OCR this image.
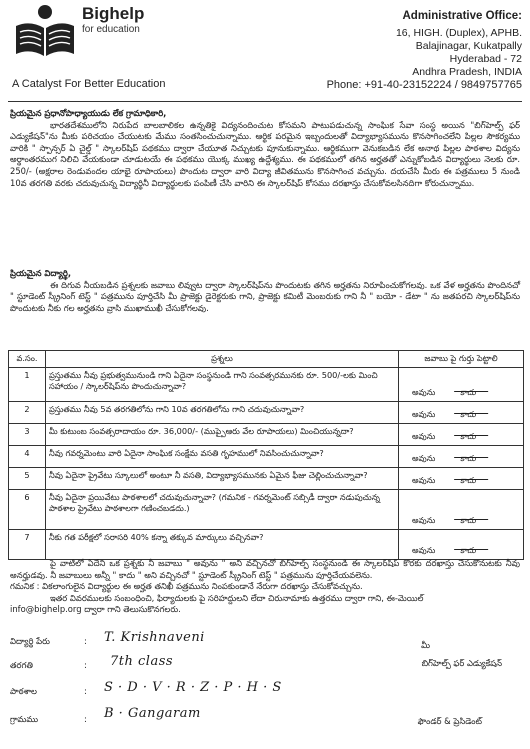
Bighelp
for education
A Catalyst For Better Education
Administrative Office:
16, HIGH. (Duplex), APHB.
Balajinagar, Kukatpally
Hyderabad - 72
Andhra Pradesh, INDIA
Phone: +91-40-23152224 / 9849757765
ప్రియమైన ప్రధానోపాధ్యాయుడు లేక గ్రామాధికారి,
భారతదేశములోని నిరుపేద బాలబాలికల ఉన్నతికై విద్యనందించుట కోసమని పాటుపడుచున్న సాంఘిక సేవా సంస్థ అయిన "బిగ్‌హెల్ప్ ఫర్ ఎడ్యుకేషన్"ను మీకు పరిచయం చేయుటకు మేము సంతసించుచున్నాము. ఆర్థిక పరమైన ఇబ్బందులతో విద్యాభ్యాసమును కొనసాగించలేని పిల్లల సౌకర్యము వారికి " స్పాన్సర్ ఏ చైల్డ్ " స్కాలర్‌షిప్ పథకము ద్వారా చేయూత నిచ్చుటకు పూనుకున్నాము. ఆర్థికముగా వెనుకబడిన లేక అనాథ పిల్లల పాఠశాల విద్యను అర్థాంతరముగ నిలిచి వేయకుండా చూడుటయే ఈ పథకము యొక్క ముఖ్య ఉద్దేశ్యము. ఈ పథకములో తగిన అర్హతతో ఎన్నుకోబడిన విద్యార్థులు నెలకు రూ. 250/- (అక్షరాల రెండువందల యాభై రూపాయలు) పొందుట ద్వారా వారి విద్యా జీవితమును కొనసాగించ వచ్చును. దయచేసి మీరు ఈ పత్రములు 5 నుండి 10వ తరగతి వరకు చదువుచున్న విద్యార్థినీ విద్యార్థులకు పంపిణీ చేసి వారిని ఈ స్కాలర్‌షిప్ కోసము దరఖాస్తు చేసుకోవలసినదిగా కోరుచున్నాము.
ప్రియమైన విద్యార్థి,
ఈ దిగువ నీయబడిన ప్రశ్నలకు జవాబు లివ్వుట ద్వారా స్కాలర్‌షిప్‌ను పొందుటకు తగిన అర్హతను నిరూపించుకోగలవు. ఒక వేళ అర్హతను పొందినచో " స్టూడెంట్ స్క్రీనింగ్ టెస్ట్ " పత్రమును పూర్తిచేసి మీ ప్రాజెక్టు డైరెక్టరుకు గాని, ప్రాజెక్టు కమిటీ మెంబరుకు గాని నీ " బయో - డేటా " ను జతపరచి స్కాలర్‌షిప్‌ను పొందుటకు నీకు గల అర్హతను వ్రాసి ముఖాముఖీ చేసుకోగలవు.
వ.సం.	ప్రశ్నలు	జవాబు పై గుర్తు పెట్టాలి
1	ప్రస్తుతము నీవు ప్రభుత్వమునుండి గాని ఏదైనా సంస్థనుండి గాని సంవత్సరమునకు రూ. 500/-లకు మించి సహాయం / స్కాలర్‌షిప్‌ను పొందుచున్నావా?	అవును కాదు

2	ప్రస్తుతము నీవు 5వ తరగతిలోను గాని 10వ తరగతిలోను గాని చదువుచున్నావా?	అవును కాదు

3	మీ కుటుంబ సంవత్సరాదాయం రూ. 36,000/- (ముప్పైఆరు వేల రూపాయలు) మించియున్నదా?	అవును కాదు

4	నీవు గవర్నమెంటు వారి ఏదైనా సాంఘిక సంక్షేమ వసతి గృహములో నివసించుచున్నావా?	అవును కాదు

5	నీవు ఏదైనా ప్రైవేటు స్కూలులో అంటూ నీ వసతి, విద్యాభ్యాసమునకు ఏమైన ఫీజు చెల్లించుచున్నావా?	అవును కాదు

6	నీవు ఏదైనా ప్రయివేటు పాఠశాలలో చదువుచున్నావా? (గమనిక - గవర్నమెంట్ సబ్సిడీ ద్వారా నడుపుచున్న పాఠశాల ప్రైవేటు పాఠశాలగా గణించబడదు.)	అవును కాదు

7	నీకు గత పరీక్షలో సరాసరి 40% కన్నా తక్కువ మార్కులు వచ్చినవా?	అవును కాదు
పై వాటిలో ఏదేని ఒక ప్రశ్నకు నీ జవాబు " అవును " అని వచ్చినచో బిగ్‌హెల్ప్ సంస్థనుండి ఈ స్కాలర్‌షిప్ కొరకు దరఖాస్తు చేసుకొనుటకు నీవు అనర్హుడవు. నీ జవాబులు అన్నీ " కాదు " అని వచ్చినచో " స్టూడెంట్ స్క్రీనింగ్ టెస్ట్ " పత్రమును పూర్తిచేయవలెను.
గమనిక : వికలాంగులైన విద్యార్థుల ఈ అర్హత తనిఖీ పత్రమును నింపకుండానే నేరుగా దరఖాస్తు చేసుకోవచ్చును.
ఇతర వివరములకు సంబంధించి, ఫిర్యాదులకు పై సరిహద్దులని లేదా చిరునామాకు ఉత్తరము ద్వారా గాని, ఈ-మెయిల్
info@bighelp.org ద్వారా గాని తెలుసుకొనగలరు.
విద్యార్థి పేరు	: T. Krishnaveni
తరగతి	: 7th class
పాఠశాల	: S · D · V · R · Z · P · H · S
గ్రామము	: B · Gangaram
మీ
బిగ్‌హెల్ప్ ఫర్ ఎడ్యుకేషన్
ఫౌండర్ & ప్రెసిడెంట్
